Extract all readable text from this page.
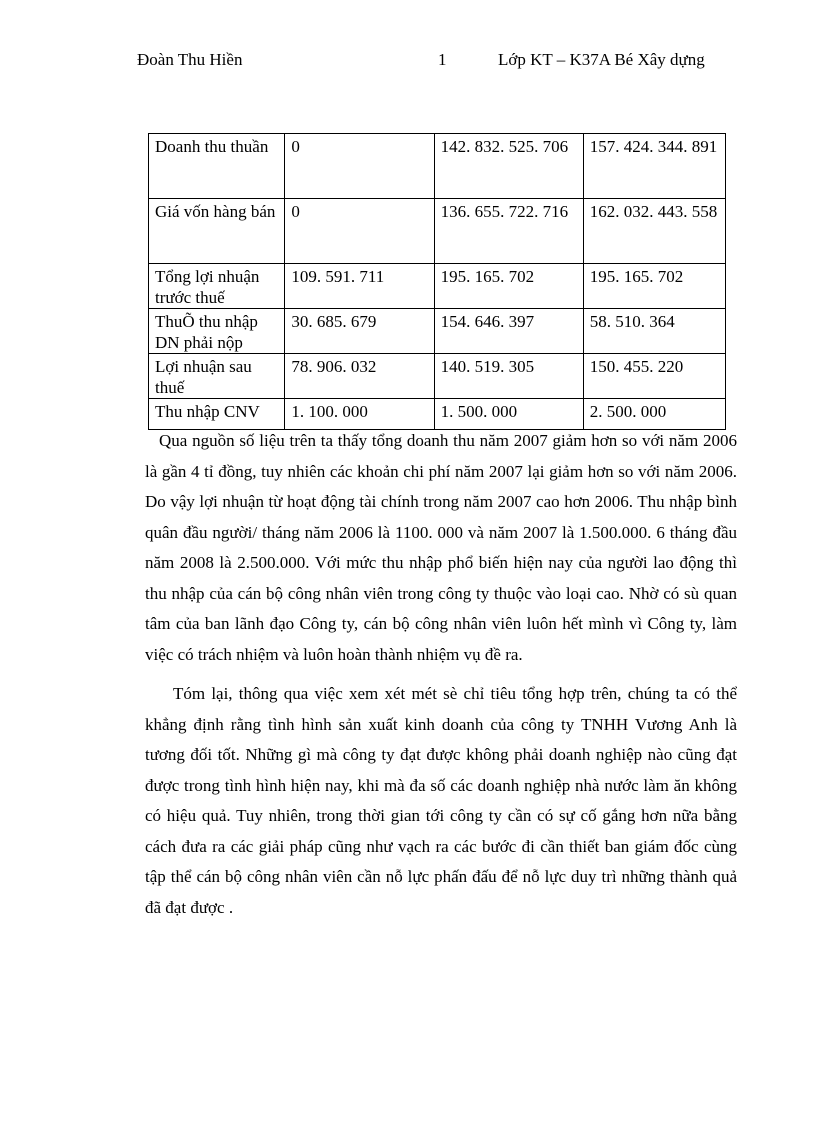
Đoàn Thu Hiền	1	Lớp KT – K37A Bé Xây dựng
Doanh thu thuần	0	142. 832. 525. 706	157. 424. 344. 891

Giá vốn hàng bán	0	136. 655. 722. 716	162. 032. 443. 558

Tổng lợi nhuận trước thuế	109. 591. 711	195. 165. 702	195. 165. 702
ThuÕ thu nhập DN phải nộp	30. 685. 679	154. 646. 397	58. 510. 364
Lợi nhuận sau thuế	78. 906. 032	140. 519. 305	150. 455. 220
Thu nhập CNV	1. 100. 000	1. 500. 000	2. 500. 000

Qua nguồn số liệu trên ta thấy tổng doanh thu năm 2007 giảm hơn so với năm 2006 là gần 4 tỉ đồng, tuy nhiên các khoản chi phí năm 2007 lại giảm hơn so với năm 2006. Do vậy lợi nhuận từ hoạt động tài chính trong năm 2007 cao hơn 2006. Thu nhập bình quân đầu người/ tháng năm 2006 là 1100. 000 và năm 2007 là 1.500.000. 6 tháng đầu năm 2008 là 2.500.000. Với mức thu nhập phổ biến hiện nay của người lao động thì thu nhập của cán bộ công nhân viên trong công ty thuộc vào loại cao. Nhờ có sù quan tâm của ban lãnh đạo Công ty, cán bộ công nhân viên luôn hết mình vì Công ty, làm việc có trách nhiệm và luôn hoàn thành nhiệm vụ đề ra.

Tóm lại, thông qua việc xem xét mét sè chỉ tiêu tổng hợp trên, chúng ta có thể khẳng định rằng tình hình sản xuất kinh doanh của công ty TNHH Vương Anh là tương đối tốt. Những gì mà công ty đạt được không phải doanh nghiệp nào cũng đạt được trong tình hình hiện nay, khi mà đa số các doanh nghiệp nhà nước làm ăn không có hiệu quả. Tuy nhiên, trong thời gian tới công ty cần có sự cố gắng hơn nữa bằng cách đưa ra các giải pháp cũng như vạch ra các bước đi cần thiết ban giám đốc cùng tập thể cán bộ công nhân viên cần nỗ lực phấn đấu để nỗ lực duy trì những thành quả đã đạt được .
